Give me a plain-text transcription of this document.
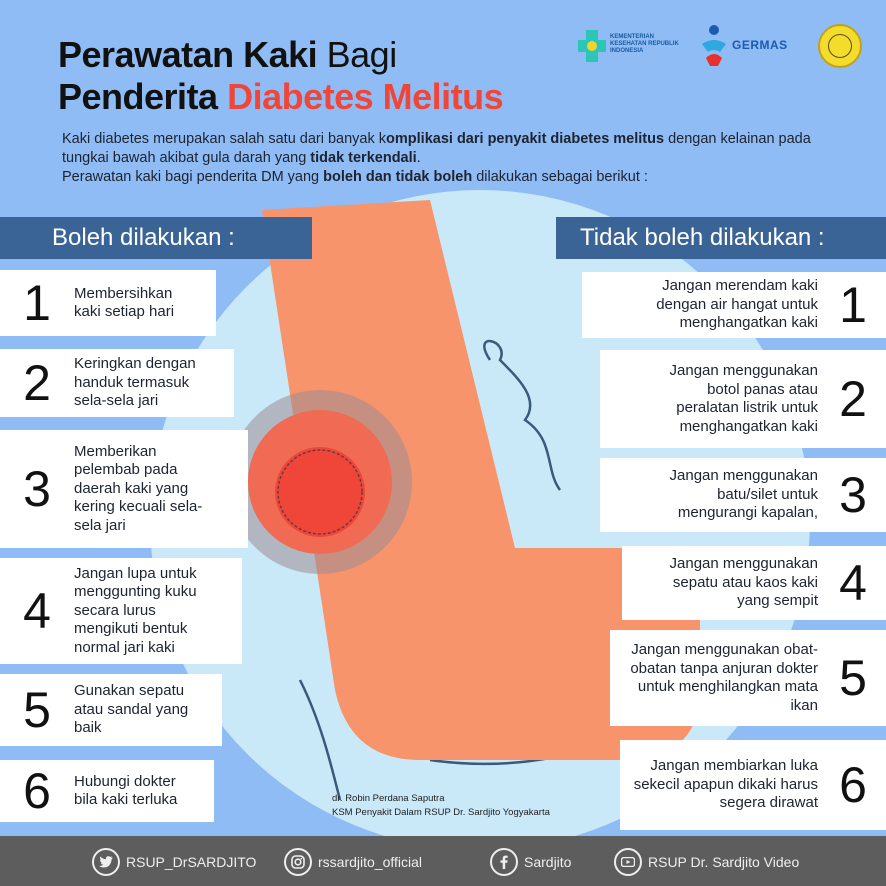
Perawatan Kaki Bagi
Penderita Diabetes Melitus
KEMENTERIAN KESEHATAN REPUBLIK INDONESIA	GERMAS
Kaki diabetes merupakan salah satu dari banyak komplikasi dari penyakit diabetes melitus dengan kelainan pada tungkai bawah akibat gula darah yang tidak terkendali.
Perawatan kaki bagi penderita DM yang boleh dan tidak boleh dilakukan sebagai berikut :
Boleh dilakukan :	Tidak boleh dilakukan :
1	Membersihkan kaki setiap hari
2	Keringkan dengan handuk termasuk sela-sela jari
3
Memberikan pelembab pada daerah kaki yang kering kecuali sela-sela jari
4
Jangan lupa untuk menggunting kuku secara lurus mengikuti bentuk normal jari kaki
5	Gunakan sepatu atau sandal yang baik
6	Hubungi dokter bila kaki terluka
Jangan merendam kaki dengan air hangat untuk menghangatkan kaki 1
Jangan menggunakan botol panas atau peralatan listrik untuk menghangatkan kaki 2
Jangan menggunakan batu/silet untuk mengurangi kapalan, 3
Jangan menggunakan sepatu atau kaos kaki yang sempit 4
Jangan menggunakan obat-obatan tanpa anjuran dokter untuk menghilangkan mata ikan 5
Jangan membiarkan luka sekecil apapun dikaki harus segera dirawat 6
dr. Robin Perdana Saputra
KSM Penyakit Dalam RSUP Dr. Sardjito Yogyakarta
RSUP_DrSARDJITO	rssardjito_official	Sardjito	RSUP Dr. Sardjito Video
